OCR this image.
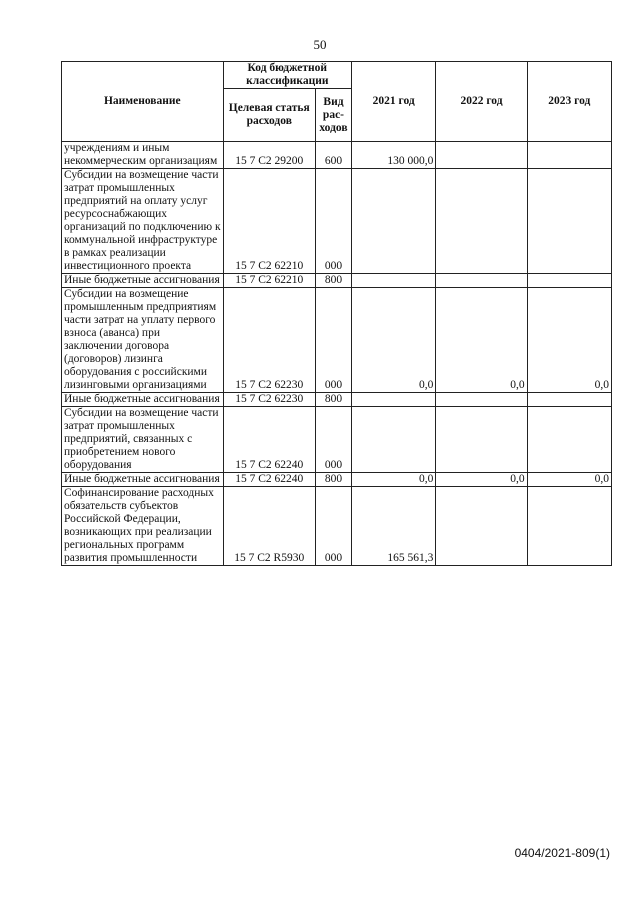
50
Наименование	Код бюджетной классификации		2021 год	2022 год	2023 год
	Целевая статья расходов	Вид рас-ходов			
учреждениям и иным некоммерческим организациям	15 7 С2 29200	600	130 000,0		
Субсидии на возмещение части затрат промышленных предприятий на оплату услуг ресурсоснабжающих организаций по подключению к коммунальной инфраструктуре в рамках реализации инвестиционного проекта	15 7 С2 62210	000			
Иные бюджетные ассигнования	15 7 С2 62210	800			
Субсидии на возмещение промышленным предприятиям части затрат на уплату первого взноса (аванса) при заключении договора (договоров) лизинга оборудования с российскими лизинговыми организациями	15 7 С2 62230	000	0,0	0,0	0,0
Иные бюджетные ассигнования	15 7 С2 62230	800			
Субсидии на возмещение части затрат промышленных предприятий, связанных с приобретением нового оборудования	15 7 С2 62240	000			
Иные бюджетные ассигнования	15 7 С2 62240	800	0,0	0,0	0,0
Софинансирование расходных обязательств субъектов Российской Федерации, возникающих при реализации региональных программ развития промышленности	15 7 С2 R5930	000	165 561,3		
0404/2021-809(1)
